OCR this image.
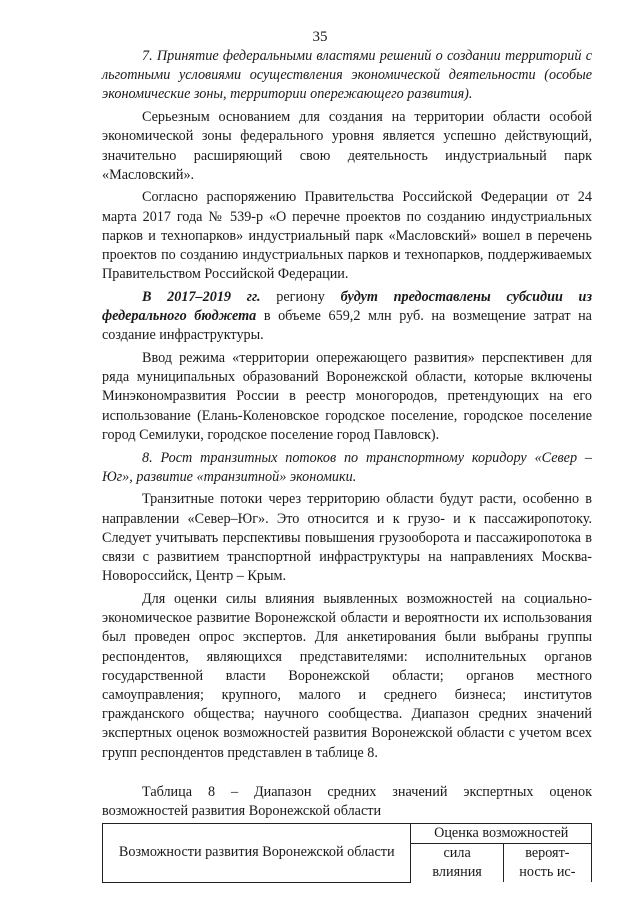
35

7. Принятие федеральными властями решений о создании территорий с льготными условиями осуществления экономической деятельности (особые экономические зоны, территории опережающего развития).

Серьезным основанием для создания на территории области особой экономической зоны федерального уровня является успешно действующий, значительно расширяющий свою деятельность индустриальный парк «Масловский».

Согласно распоряжению Правительства Российской Федерации от 24 марта 2017 года № 539-р «О перечне проектов по созданию индустриальных парков и технопарков» индустриальный парк «Масловский» вошел в перечень проектов по созданию индустриальных парков и технопарков, поддерживаемых Правительством Российской Федерации.

В 2017–2019 гг. региону будут предоставлены субсидии из федерального бюджета в объеме 659,2 млн руб. на возмещение затрат на создание инфраструктуры.

Ввод режима «территории опережающего развития» перспективен для ряда муниципальных образований Воронежской области, которые включены Минэкономразвития России в реестр моногородов, претендующих на его использование (Елань-Коленовское городское поселение, городское поселение город Семилуки, городское поселение город Павловск).

8. Рост транзитных потоков по транспортному коридору «Север – Юг», развитие «транзитной» экономики.

Транзитные потоки через территорию области будут расти, особенно в направлении «Север–Юг». Это относится и к грузо- и к пассажиропотоку. Следует учитывать перспективы повышения грузооборота и пассажиропотока в связи с развитием транспортной инфраструктуры на направлениях Москва-Новороссийск, Центр – Крым.

Для оценки силы влияния выявленных возможностей на социально-экономическое развитие Воронежской области и вероятности их использования был проведен опрос экспертов. Для анкетирования были выбраны группы респондентов, являющихся представителями: исполнительных органов государственной власти Воронежской области; органов местного самоуправления; крупного, малого и среднего бизнеса; институтов гражданского общества; научного сообщества. Диапазон средних значений экспертных оценок возможностей развития Воронежской области с учетом всех групп респондентов представлен в таблице 8.

Таблица 8 – Диапазон средних значений экспертных оценок возможностей развития Воронежской области

Возможности развития Воронежской области	Оценка возможностей	
	сила	вероят-
	влияния	ность ис-
